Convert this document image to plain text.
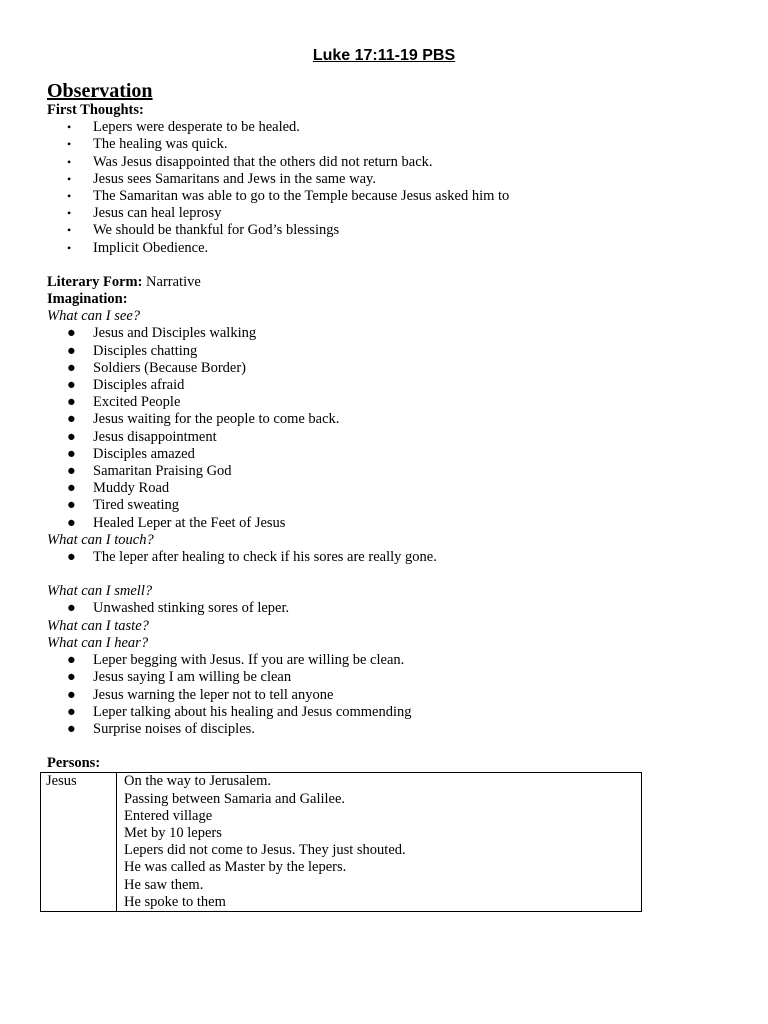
Luke 17:11-19 PBS
Observation
First Thoughts:
• Lepers were desperate to be healed.
• The healing was quick.
• Was Jesus disappointed that the others did not return back.
• Jesus sees Samaritans and Jews in the same way.
• The Samaritan was able to go to the Temple because Jesus asked him to
• Jesus can heal leprosy
• We should be thankful for God’s blessings
• Implicit Obedience.
Literary Form: Narrative
Imagination:
What can I see?
● Jesus and Disciples walking
● Disciples chatting
● Soldiers (Because Border)
● Disciples afraid
● Excited People
● Jesus waiting for the people to come back.
● Jesus disappointment
● Disciples amazed
● Samaritan Praising God
● Muddy Road
● Tired sweating
● Healed Leper at the Feet of Jesus
What can I touch?
● The leper after healing to check if his sores are really gone.
What can I smell?
● Unwashed stinking sores of leper.
What can I taste?
What can I hear?
● Leper begging with Jesus. If you are willing be clean.
● Jesus saying I am willing be clean
● Jesus warning the leper not to tell anyone
● Leper talking about his healing and Jesus commending
● Surprise noises of disciples.
Persons:
Jesus	On the way to Jerusalem.
Passing between Samaria and Galilee.
Entered village
Met by 10 lepers
Lepers did not come to Jesus. They just shouted.
He was called as Master by the lepers.
He saw them.
He spoke to them
